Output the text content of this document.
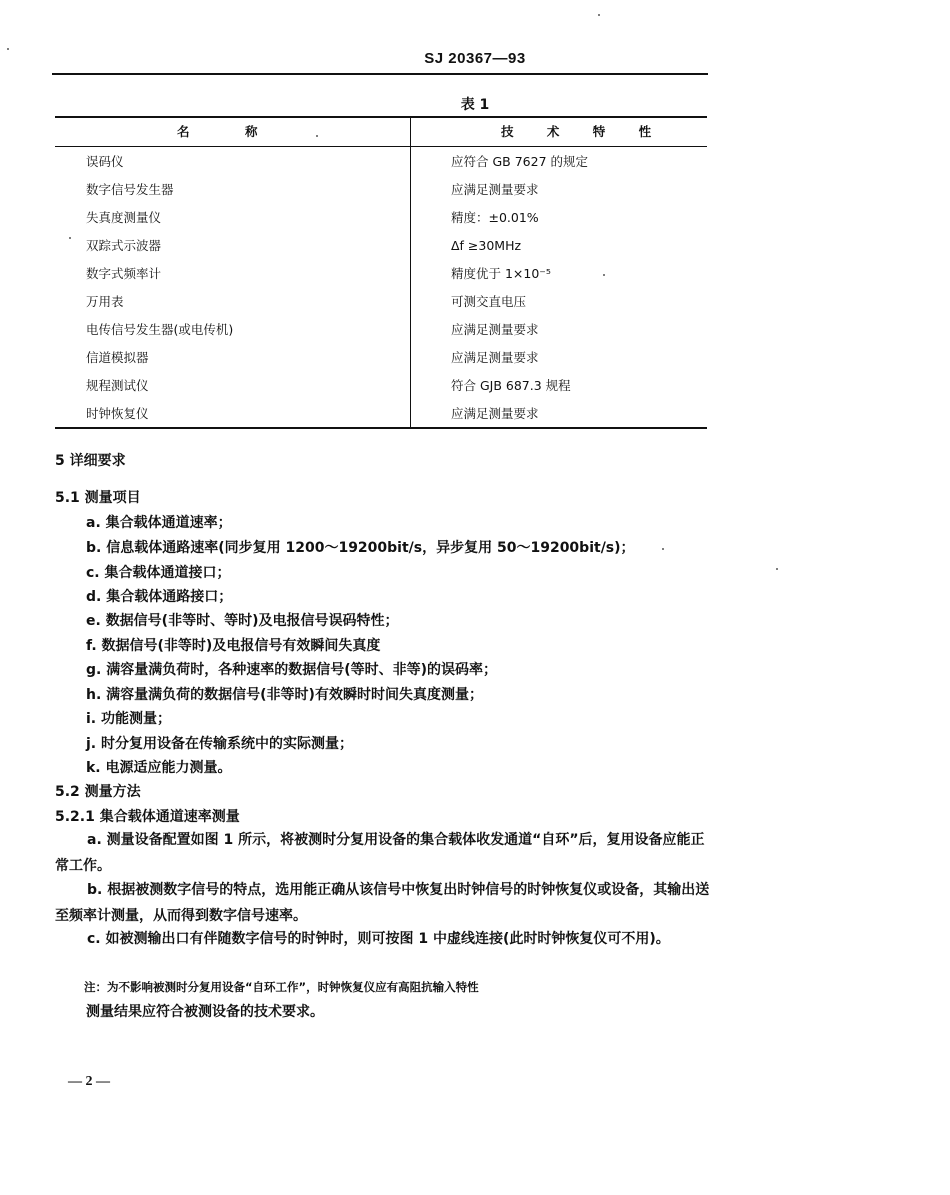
SJ 20367—93
表 1
名 称	技 术 特 性

误码仪	应符合 GB 7627 的规定
数字信号发生器	应满足测量要求
失真度测量仪	精度：±0.01%
双踪式示波器	Δf ≥30MHz
数字式频率计	精度优于 1×10⁻⁵
万用表	可测交直电压
电传信号发生器(或电传机)	应满足测量要求
信道模拟器	应满足测量要求
规程测试仪	符合 GJB 687.3 规程
时钟恢复仪	应满足测量要求
5 详细要求
5.1 测量项目
a. 集合载体通道速率；
b. 信息载体通路速率(同步复用 1200～19200bit/s，异步复用 50～19200bit/s)；
c. 集合载体通道接口；
d. 集合载体通路接口；
e. 数据信号(非等时、等时)及电报信号误码特性；
f. 数据信号(非等时)及电报信号有效瞬间失真度
g. 满容量满负荷时，各种速率的数据信号(等时、非等)的误码率；
h. 满容量满负荷的数据信号(非等时)有效瞬时时间失真度测量；
i. 功能测量；
j. 时分复用设备在传输系统中的实际测量；
k. 电源适应能力测量。
5.2 测量方法
5.2.1 集合载体通道速率测量
a. 测量设备配置如图 1 所示，将被测时分复用设备的集合载体收发通道“自环”后，复用设备应能正常工作。
b. 根据被测数字信号的特点，选用能正确从该信号中恢复出时钟信号的时钟恢复仪或设备，其输出送至频率计测量，从而得到数字信号速率。
c. 如被测输出口有伴随数字信号的时钟时，则可按图 1 中虚线连接(此时时钟恢复仪可不用)。
注：为不影响被测时分复用设备“自环工作”，时钟恢复仪应有高阻抗输入特性
测量结果应符合被测设备的技术要求。
— 2 —
